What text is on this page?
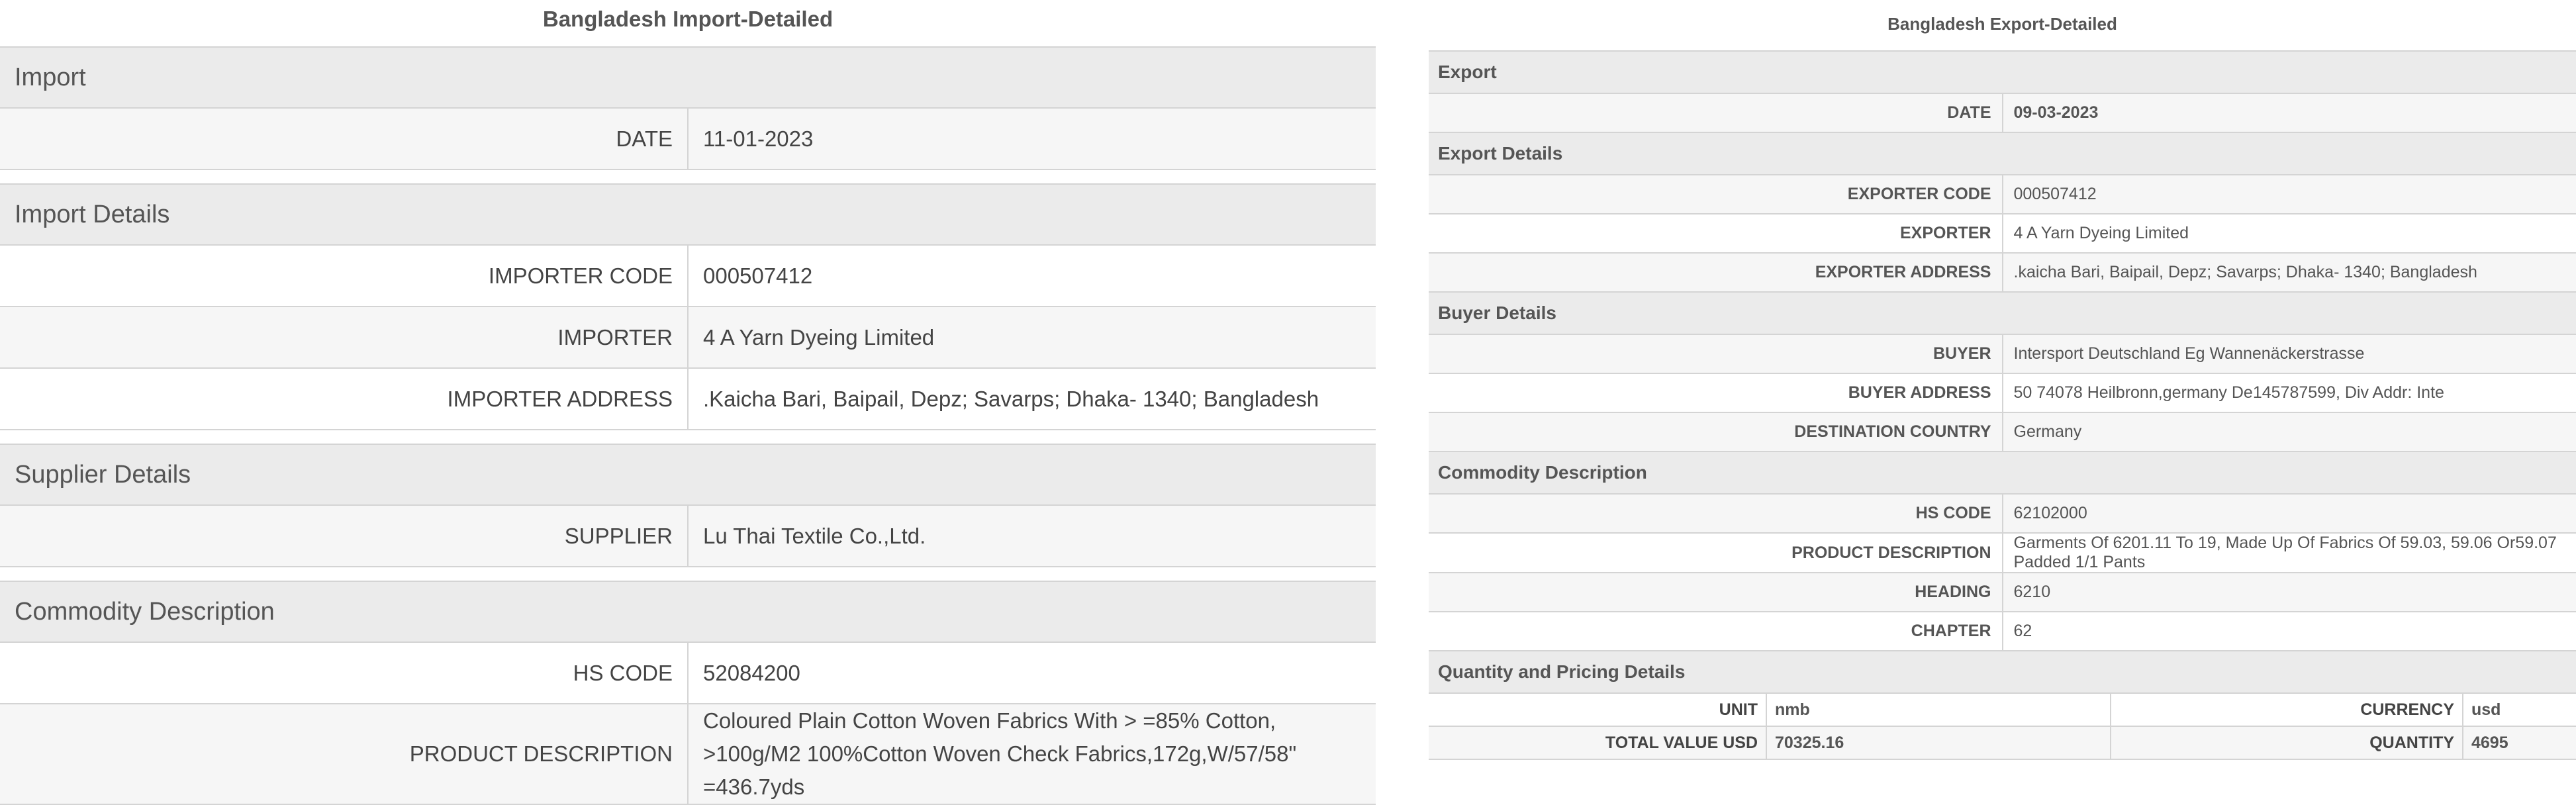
Bangladesh Import-Detailed
Import	
DATE	11-01-2023

Import Details	
IMPORTER CODE	000507412
IMPORTER	4 A Yarn Dyeing Limited
IMPORTER ADDRESS	.Kaicha Bari, Baipail, Depz; Savarps; Dhaka- 1340; Bangladesh

Supplier Details	
SUPPLIER	Lu Thai Textile Co.,Ltd.

Commodity Description	
HS CODE	52084200
PRODUCT DESCRIPTION	Coloured Plain Cotton Woven Fabrics With > =85% Cotton, >100g/M2 100%Cotton Woven Check Fabrics,172g,W/57/58" =436.7yds
Bangladesh Export-Detailed
Export	
DATE	09-03-2023
Export Details	
EXPORTER CODE	000507412
EXPORTER	4 A Yarn Dyeing Limited
EXPORTER ADDRESS	.kaicha Bari, Baipail, Depz; Savarps; Dhaka- 1340; Bangladesh
Buyer Details	
BUYER	Intersport Deutschland Eg Wannenäckerstrasse
BUYER ADDRESS	50 74078 Heilbronn,germany De145787599, Div Addr: Inte
DESTINATION COUNTRY	Germany
Commodity Description	
HS CODE	62102000
PRODUCT DESCRIPTION	Garments Of 6201.11 To 19, Made Up Of Fabrics Of 59.03, 59.06 Or59.07 Padded 1/1 Pants
HEADING	6210
CHAPTER	62
Quantity and Pricing Details	
UNIT	nmb	CURRENCY	usd
TOTAL VALUE USD	70325.16	QUANTITY	4695
